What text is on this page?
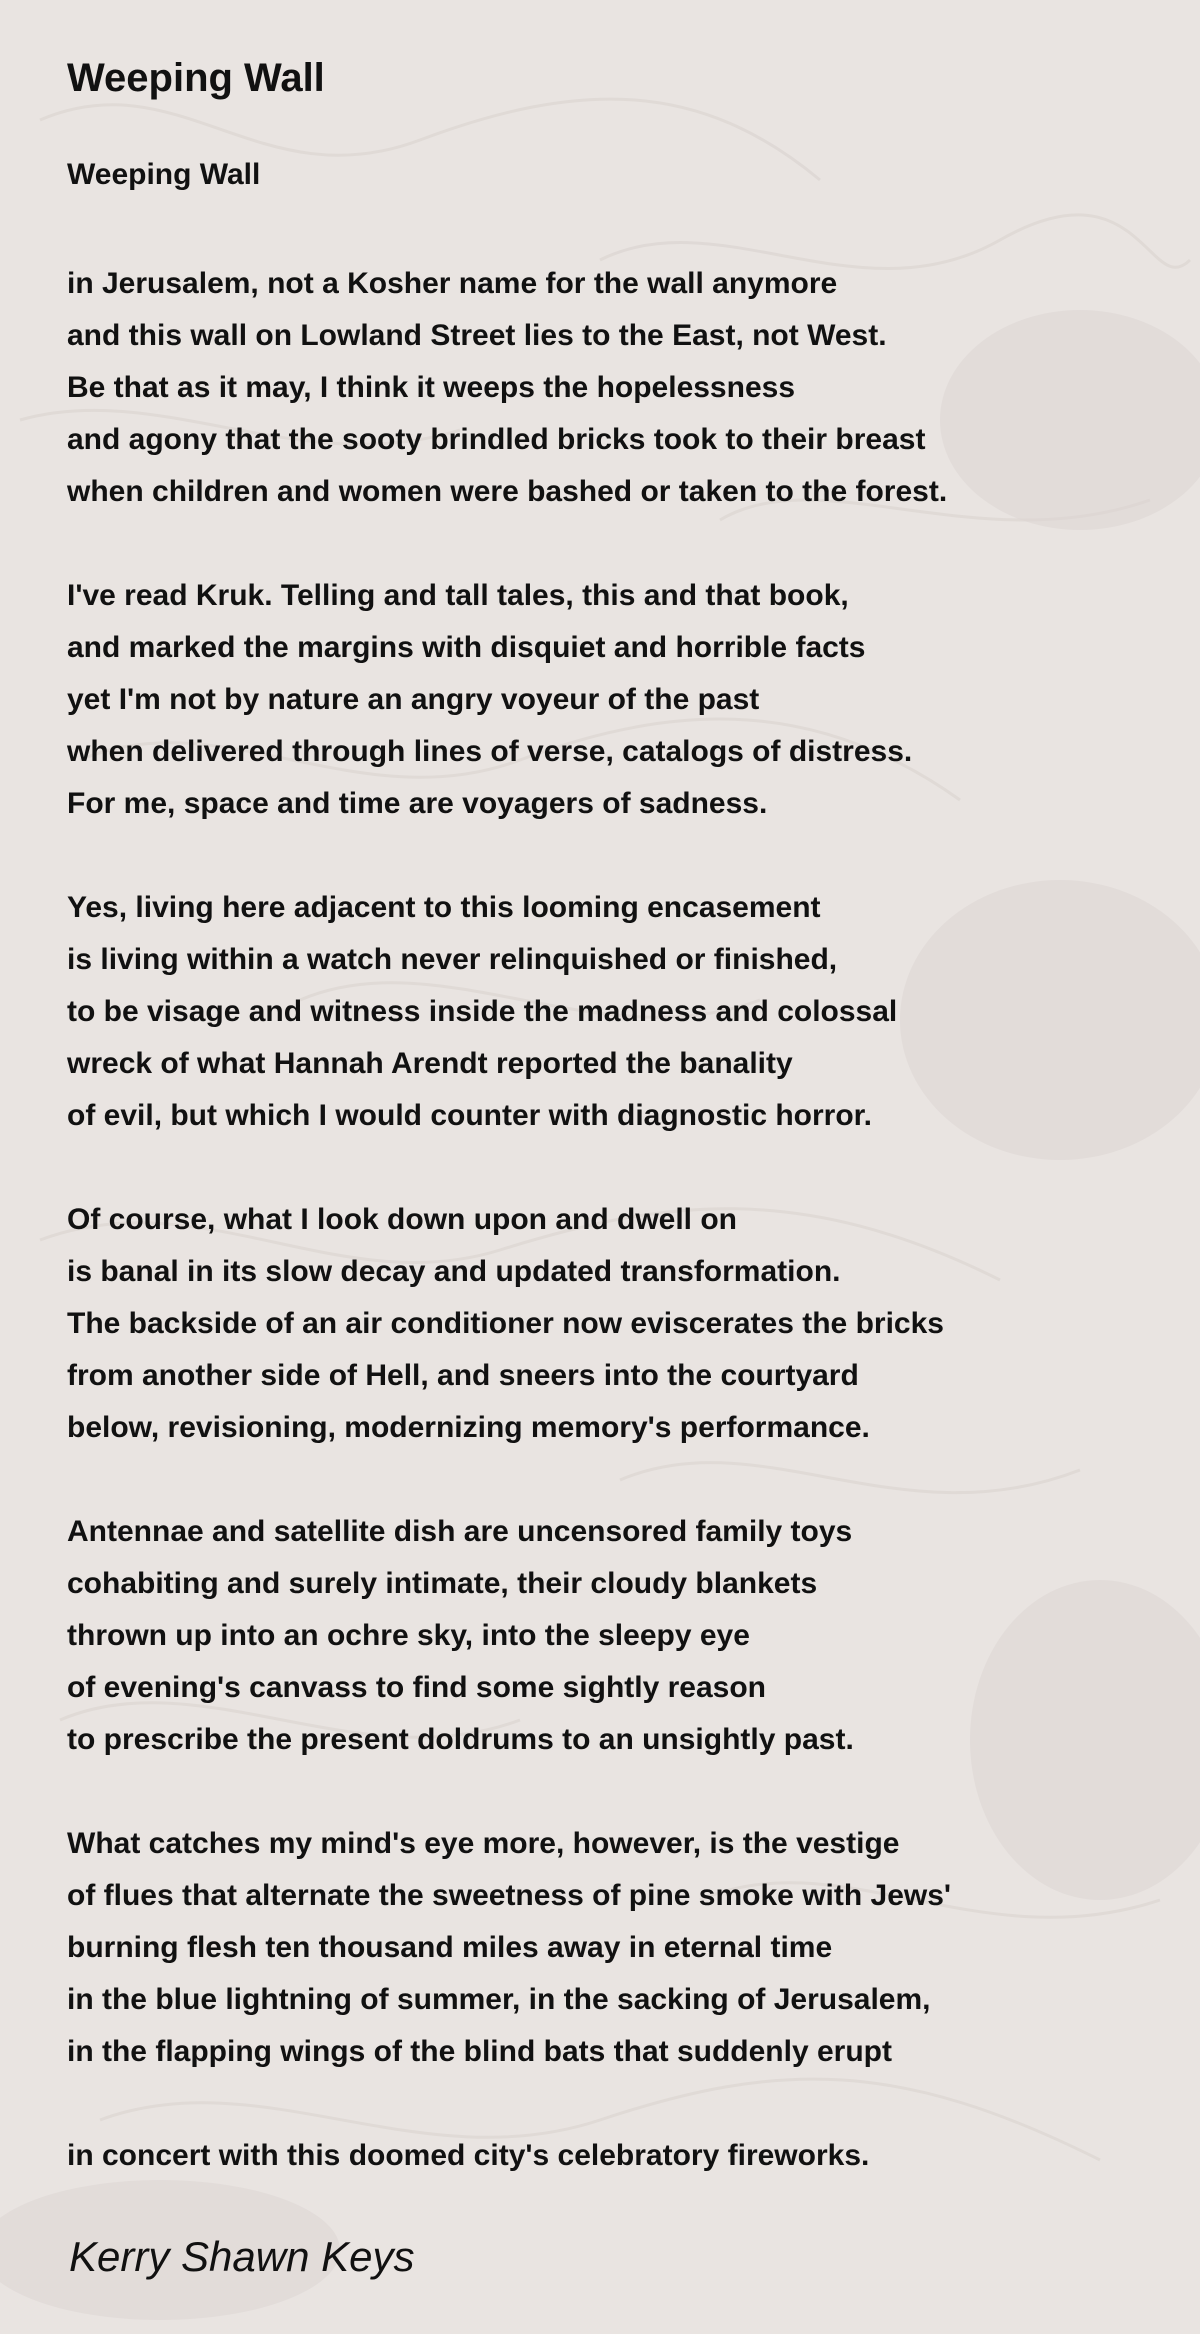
Weeping Wall
Weeping Wall

in Jerusalem, not a Kosher name for the wall anymore

and this wall on Lowland Street lies to the East, not West.

Be that as it may, I think it weeps the hopelessness

and agony that the sooty brindled bricks took to their breast

when children and women were bashed or taken to the forest.

I've read Kruk. Telling and tall tales, this and that book,

and marked the margins with disquiet and horrible facts

yet I'm not by nature an angry voyeur of the past

when delivered through lines of verse, catalogs of distress.

For me, space and time are voyagers of sadness.

Yes, living here adjacent to this looming encasement

is living within a watch never relinquished or finished,

to be visage and witness inside the madness and colossal

wreck of what Hannah Arendt reported the banality

of evil, but which I would counter with diagnostic horror.

Of course, what I look down upon and dwell on

is banal in its slow decay and updated transformation.

The backside of an air conditioner now eviscerates the bricks

from another side of Hell, and sneers into the courtyard

below, revisioning, modernizing memory's performance.

Antennae and satellite dish are uncensored family toys

cohabiting and surely intimate, their cloudy blankets

thrown up into an ochre sky, into the sleepy eye

of evening's canvass to find some sightly reason

to prescribe the present doldrums to an unsightly past.

What catches my mind's eye more, however, is the vestige

of flues that alternate the sweetness of pine smoke with Jews'

burning flesh ten thousand miles away in eternal time

in the blue lightning of summer, in the sacking of Jerusalem,

in the flapping wings of the blind bats that suddenly erupt

in concert with this doomed city's celebratory fireworks.

Kerry Shawn Keys
